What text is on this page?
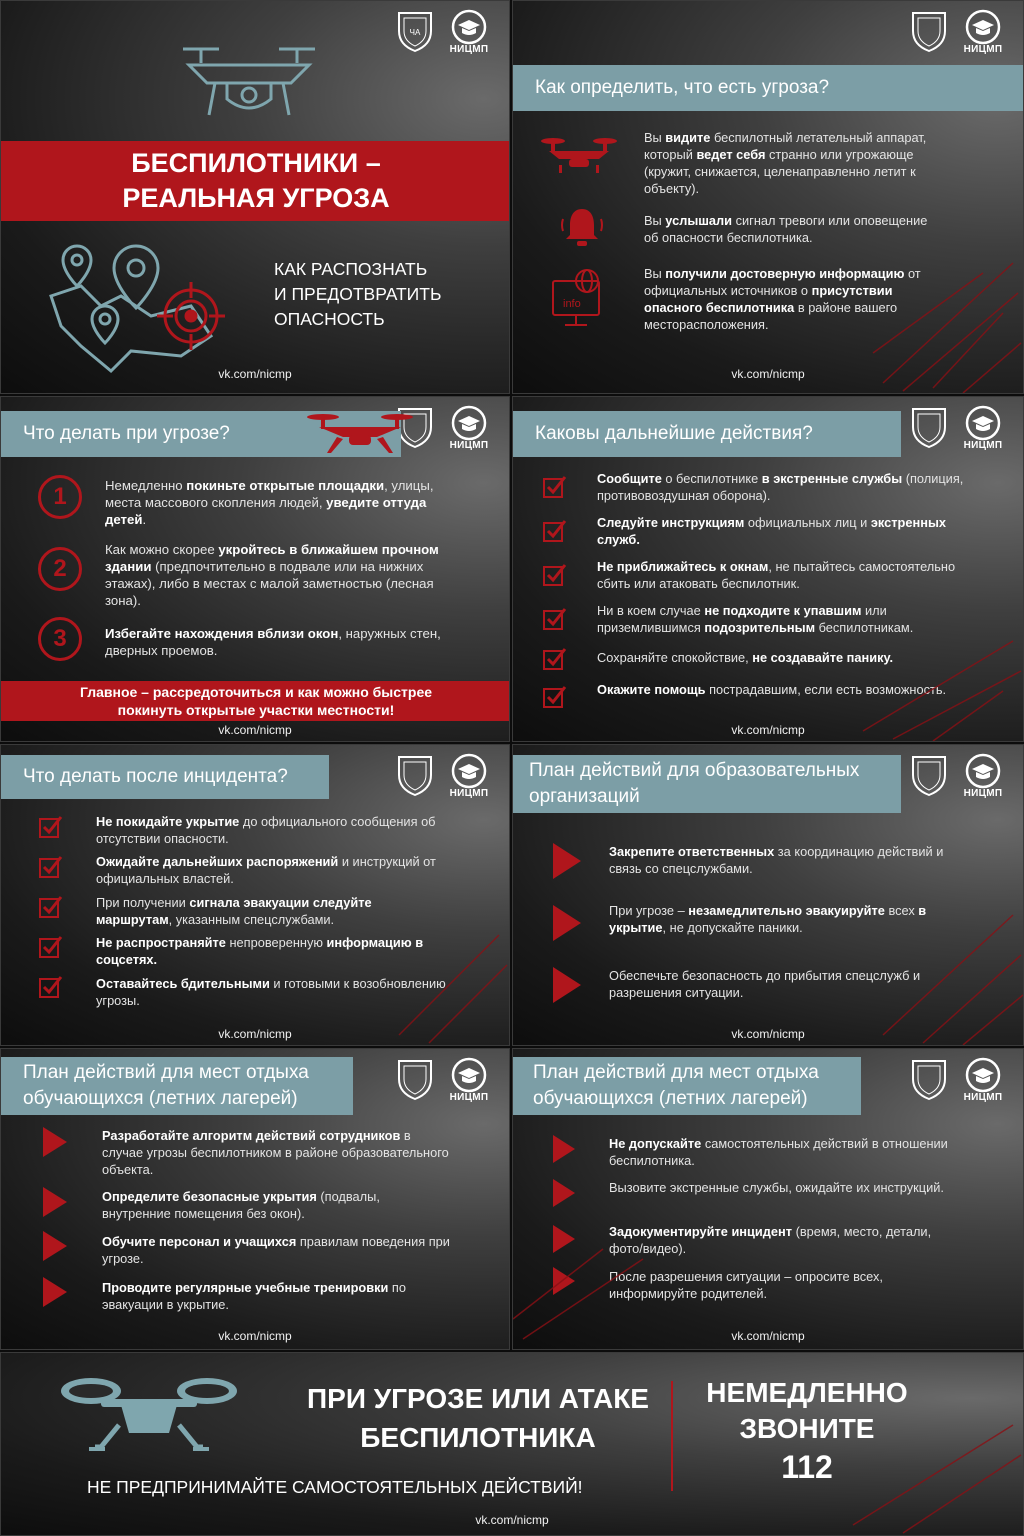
ЧА
НИЦМП
БЕСПИЛОТНИКИ –
РЕАЛЬНАЯ УГРОЗА
КАК РАСПОЗНАТЬ
И ПРЕДОТВРАТИТЬ
ОПАСНОСТЬ
vk.com/nicmp
НИЦМП
Как определить, что есть угроза?
Вы видите беспилотный летательный аппарат, который ведет себя странно или угрожающе (кружит, снижается, целенаправленно летит к объекту).
Вы услышали сигнал тревоги или оповещение об опасности беспилотника.
info
Вы получили достоверную информацию от официальных источников о присутствии опасного беспилотника в районе вашего месторасположения.
vk.com/nicmp
НИЦМП
Что делать при угрозе?
1	Немедленно покиньте открытые площадки, улицы, места массового скопления людей, уведите оттуда детей.
2
Как можно скорее укройтесь в ближайшем прочном здании (предпочтительно в подвале или на нижних этажах), либо в местах с малой заметностью (лесная зона).
3	Избегайте нахождения вблизи окон, наружных стен, дверных проемов.
Главное – рассредоточиться и как можно быстрее
покинуть открытые участки местности!
vk.com/nicmp
НИЦМП
Каковы дальнейшие действия?
Сообщите о беспилотнике в экстренные службы (полиция, противовоздушная оборона).
Следуйте инструкциям официальных лиц и экстренных служб.
Не приближайтесь к окнам, не пытайтесь самостоятельно сбить или атаковать беспилотник.
Ни в коем случае не подходите к упавшим или приземлившимся подозрительным беспилотникам.
Сохраняйте спокойствие, не создавайте панику.
Окажите помощь пострадавшим, если есть возможность.
vk.com/nicmp
НИЦМП
Что делать после инцидента?
Не покидайте укрытие до официального сообщения об отсутствии опасности.
Ожидайте дальнейших распоряжений и инструкций от официальных властей.
При получении сигнала эвакуации следуйте маршрутам, указанным спецслужбами.
Не распространяйте непроверенную информацию в соцсетях.
Оставайтесь бдительными и готовыми к возобновлению угрозы.
vk.com/nicmp
НИЦМП
План действий для образовательных
организаций
Закрепите ответственных за координацию действий и связь со спецслужбами.
При угрозе – незамедлительно эвакуируйте всех в укрытие, не допускайте паники.
Обеспечьте безопасность до прибытия спецслужб и разрешения ситуации.
vk.com/nicmp
НИЦМП
План действий для мест отдыха
обучающихся (летних лагерей)
Разработайте алгоритм действий сотрудников в случае угрозы беспилотником в районе образовательного объекта.
Определите безопасные укрытия (подвалы, внутренние помещения без окон).
Обучите персонал и учащихся правилам поведения при угрозе.
Проводите регулярные учебные тренировки по эвакуации в укрытие.
vk.com/nicmp
НИЦМП
План действий для мест отдыха
обучающихся (летних лагерей)
Не допускайте самостоятельных действий в отношении беспилотника.
Вызовите экстренные службы, ожидайте их инструкций.
Задокументируйте инцидент (время, место, детали, фото/видео).
После разрешения ситуации – опросите всех, информируйте родителей.
vk.com/nicmp
ПРИ УГРОЗЕ ИЛИ АТАКЕ
БЕСПИЛОТНИКА
НЕМЕДЛЕННО
ЗВОНИТЕ
112
НЕ ПРЕДПРИНИМАЙТЕ САМОСТОЯТЕЛЬНЫХ ДЕЙСТВИЙ!
vk.com/nicmp
